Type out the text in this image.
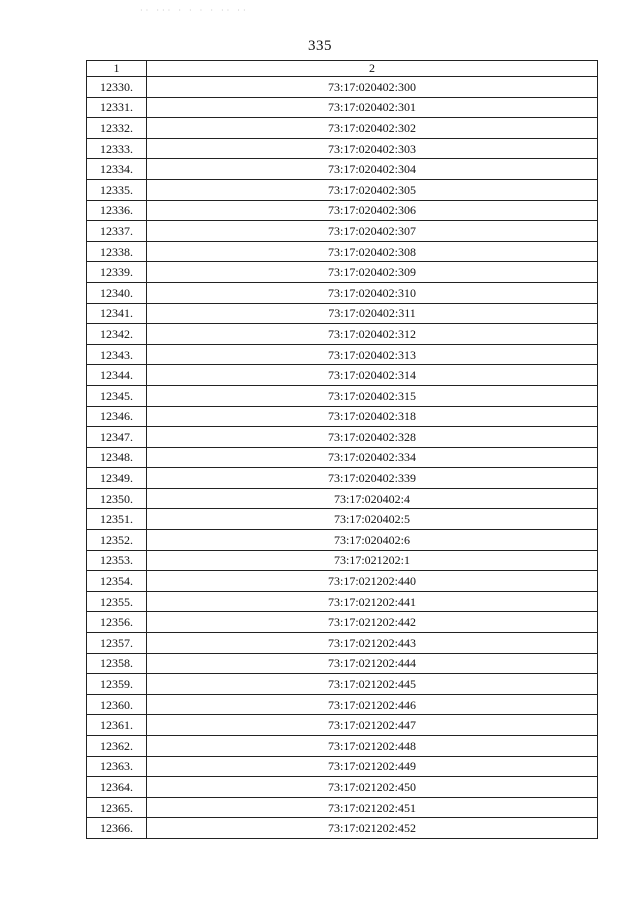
·· ··· · · · · ·· ··
335
1	2
12330.	73:17:020402:300
12331.	73:17:020402:301
12332.	73:17:020402:302
12333.	73:17:020402:303
12334.	73:17:020402:304
12335.	73:17:020402:305
12336.	73:17:020402:306
12337.	73:17:020402:307
12338.	73:17:020402:308
12339.	73:17:020402:309
12340.	73:17:020402:310
12341.	73:17:020402:311
12342.	73:17:020402:312
12343.	73:17:020402:313
12344.	73:17:020402:314
12345.	73:17:020402:315
12346.	73:17:020402:318
12347.	73:17:020402:328
12348.	73:17:020402:334
12349.	73:17:020402:339
12350.	73:17:020402:4
12351.	73:17:020402:5
12352.	73:17:020402:6
12353.	73:17:021202:1
12354.	73:17:021202:440
12355.	73:17:021202:441
12356.	73:17:021202:442
12357.	73:17:021202:443
12358.	73:17:021202:444
12359.	73:17:021202:445
12360.	73:17:021202:446
12361.	73:17:021202:447
12362.	73:17:021202:448
12363.	73:17:021202:449
12364.	73:17:021202:450
12365.	73:17:021202:451
12366.	73:17:021202:452
